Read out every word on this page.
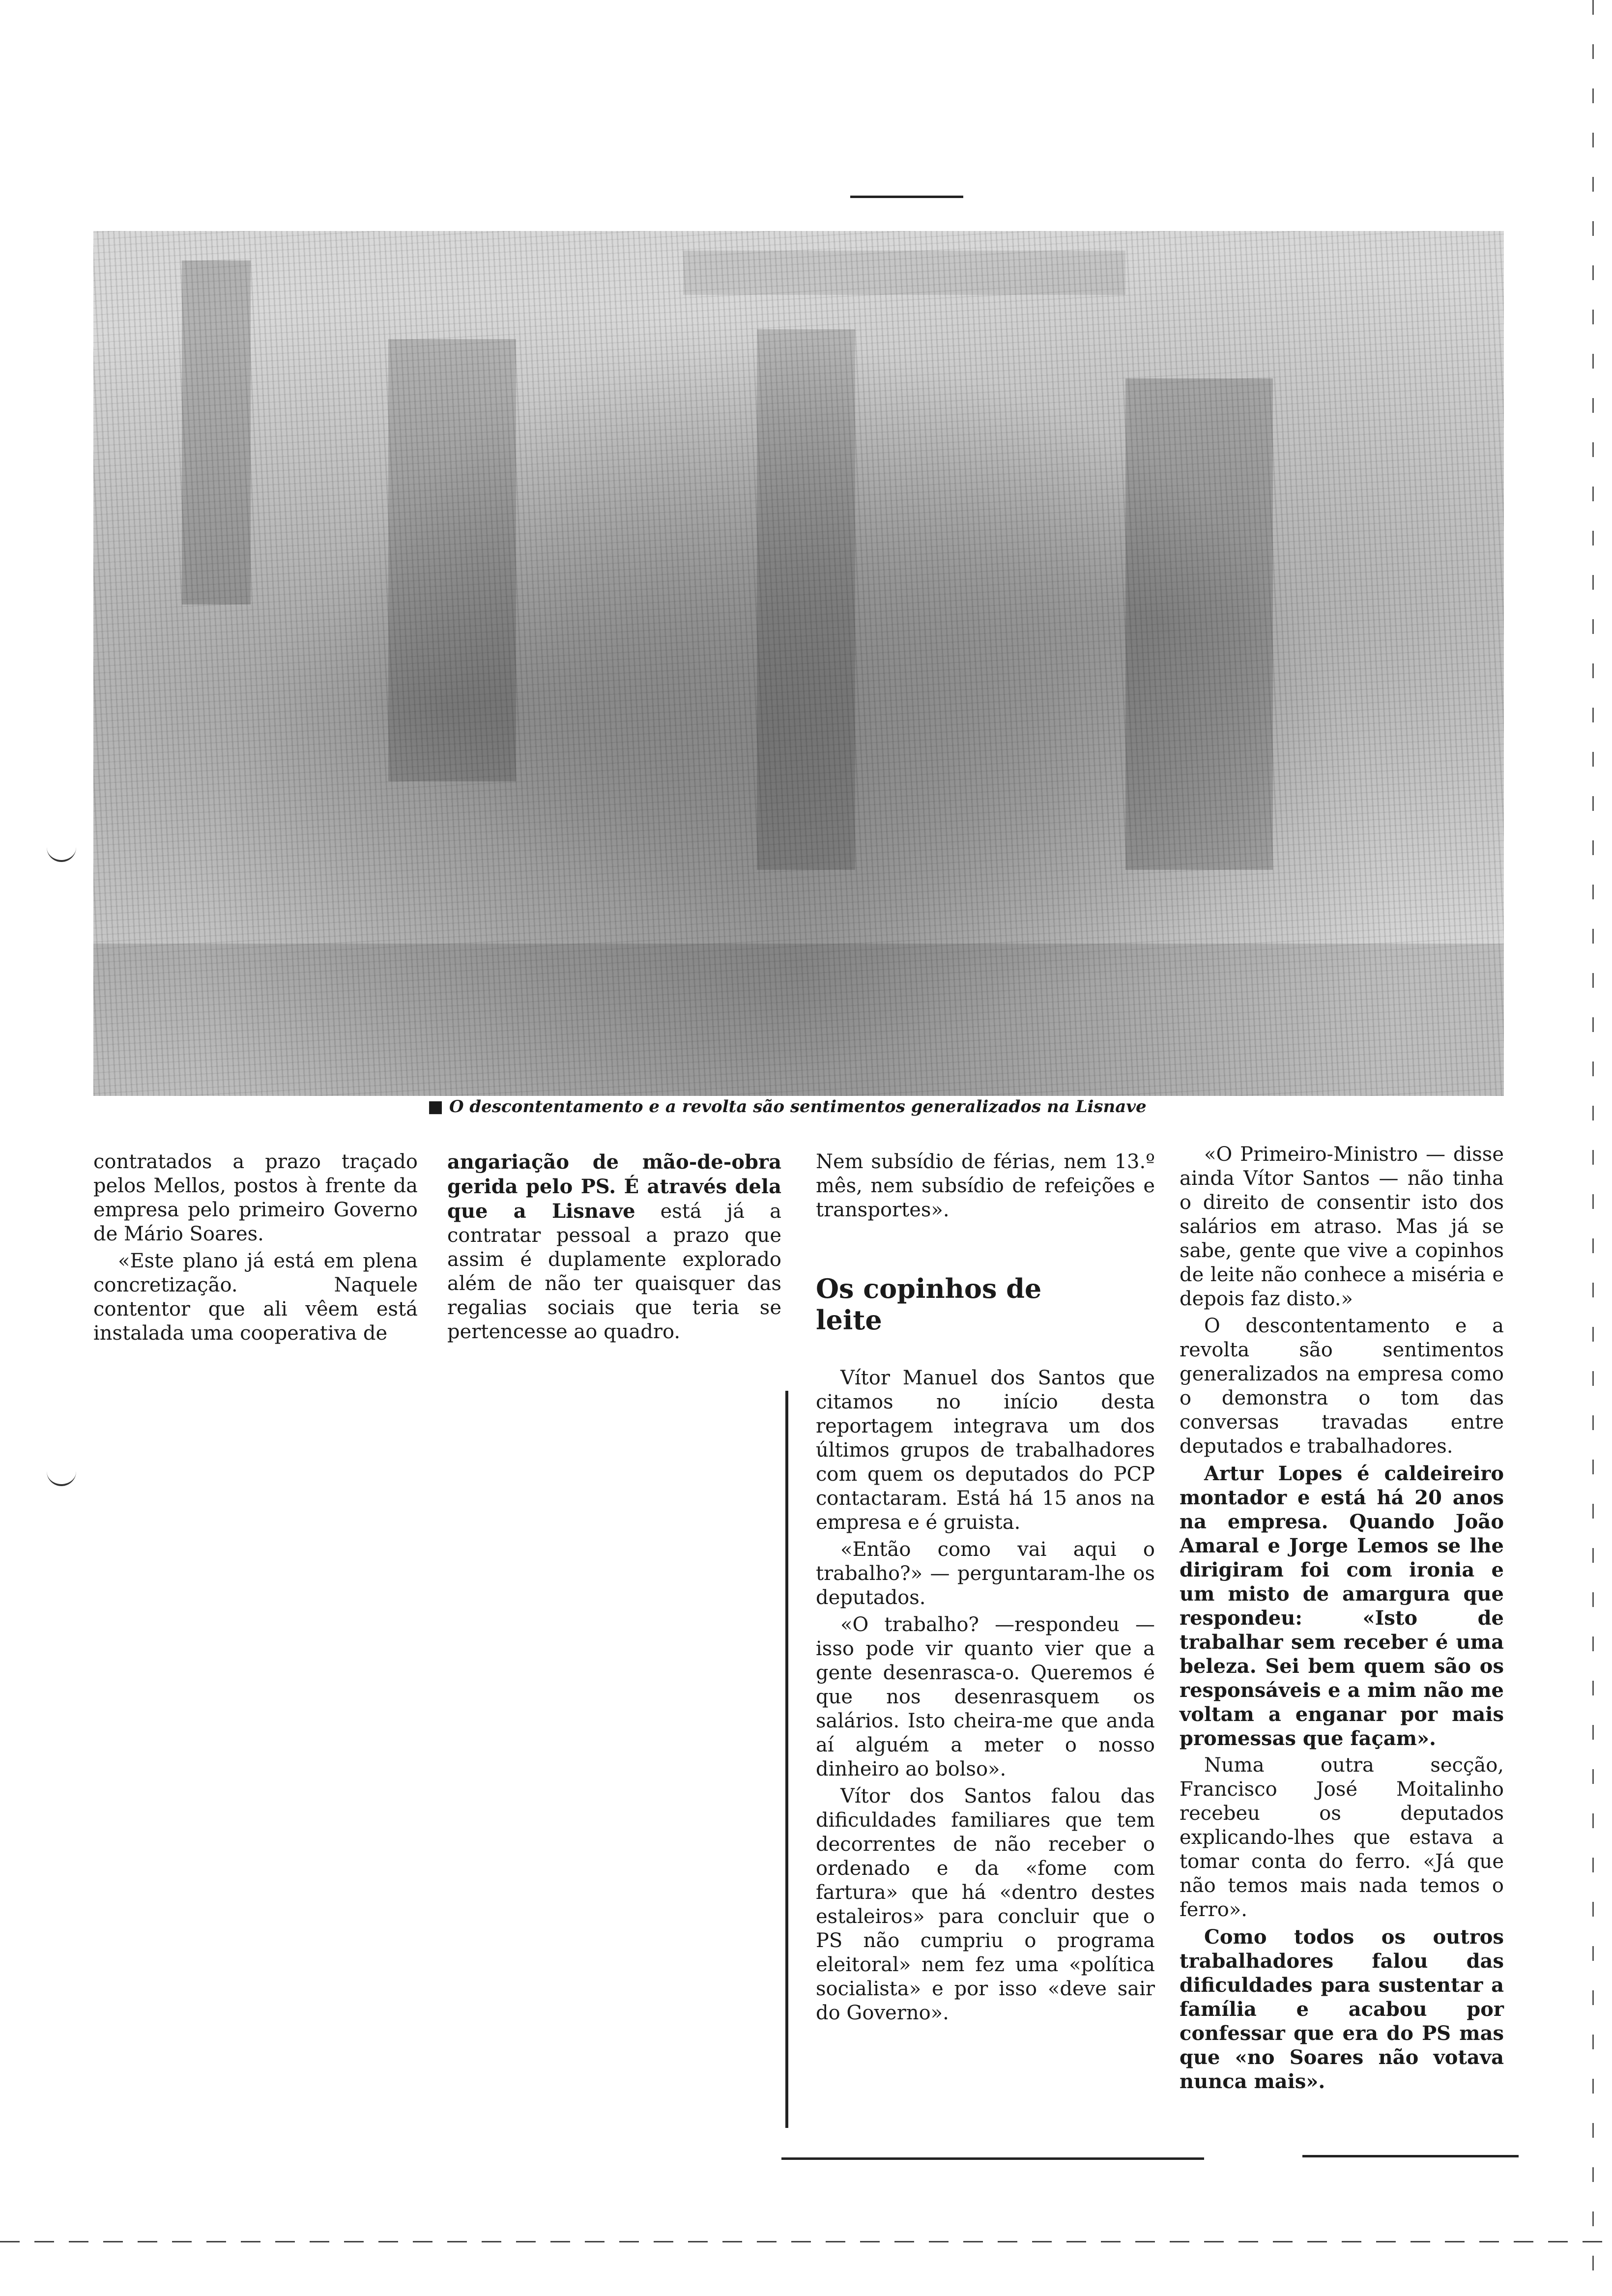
■ O descontentamento e a revolta são sentimentos generalizados na Lisnave

contratados a prazo traçado pelos Mellos, postos à frente da empresa pelo primeiro Governo de Mário Soares.

«Este plano já está em plena concretização. Naquele contentor que ali vêem está instalada uma cooperativa de

angariação de mão-de-obra gerida pelo PS. É através dela que a Lisnave está já a contratar pessoal a prazo que assim é duplamente explorado além de não ter quaisquer das regalias sociais que teria se pertencesse ao quadro.

Nem subsídio de férias, nem 13.º mês, nem subsídio de refeições e transportes».

Os copinhos de leite

Vítor Manuel dos Santos que citamos no início desta reportagem integrava um dos últimos grupos de trabalhadores com quem os deputados do PCP contactaram. Está há 15 anos na empresa e é gruista.

«Então como vai aqui o trabalho?» — perguntaram-lhe os deputados.

«O trabalho? —respondeu — isso pode vir quanto vier que a gente desenrasca-o. Queremos é que nos desenrasquem os salários. Isto cheira-me que anda aí alguém a meter o nosso dinheiro ao bolso».

Vítor dos Santos falou das dificuldades familiares que tem decorrentes de não receber o ordenado e da «fome com fartura» que há «dentro destes estaleiros» para concluir que o PS não cumpriu o programa eleitoral» nem fez uma «política socialista» e por isso «deve sair do Governo».

«O Primeiro-Ministro — disse ainda Vítor Santos — não tinha o direito de consentir isto dos salários em atraso. Mas já se sabe, gente que vive a copinhos de leite não conhece a miséria e depois faz disto.»

O descontentamento e a revolta são sentimentos generalizados na empresa como o demonstra o tom das conversas travadas entre deputados e trabalhadores.

Artur Lopes é caldeireiro montador e está há 20 anos na empresa. Quando João Amaral e Jorge Lemos se lhe dirigiram foi com ironia e um misto de amargura que respondeu: «Isto de trabalhar sem receber é uma beleza. Sei bem quem são os responsáveis e a mim não me voltam a enganar por mais promessas que façam».

Numa outra secção, Francisco José Moitalinho recebeu os deputados explicando-lhes que estava a tomar conta do ferro. «Já que não temos mais nada temos o ferro».

Como todos os outros trabalhadores falou das dificuldades para sustentar a família e acabou por confessar que era do PS mas que «no Soares não votava nunca mais».
